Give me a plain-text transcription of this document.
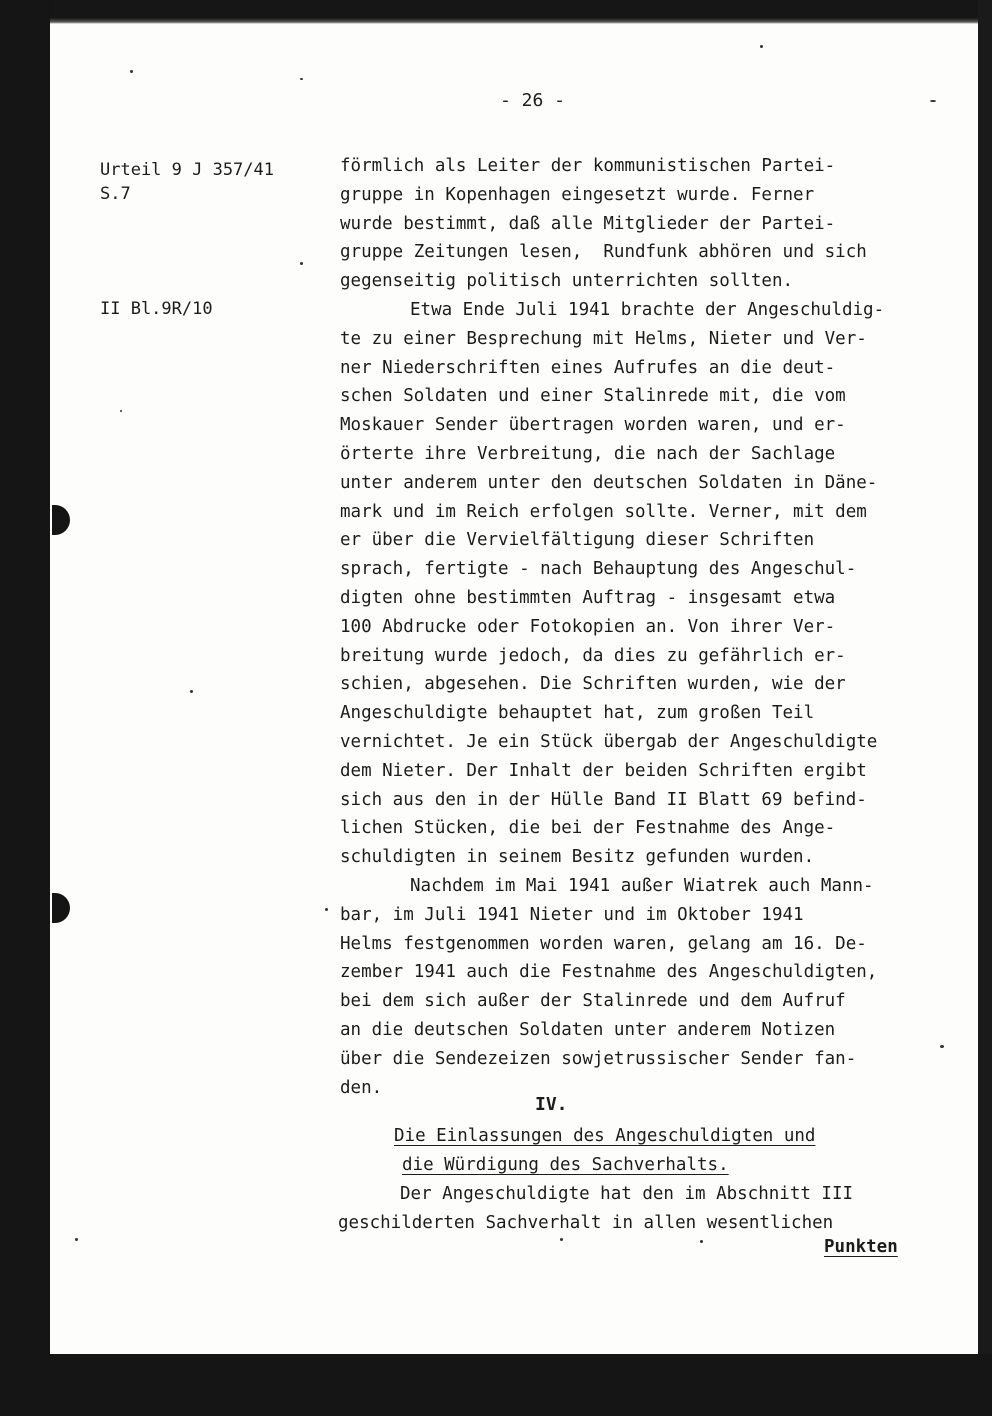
- 26 -
Urteil 9 J 357/41
S.7
II Bl.9R/10
förmlich als Leiter der kommunistischen Partei-
gruppe in Kopenhagen eingesetzt wurde. Ferner
wurde bestimmt, daß alle Mitglieder der Partei-
gruppe Zeitungen lesen,  Rundfunk abhören und sich
gegenseitig politisch unterrichten sollten.
Etwa Ende Juli 1941 brachte der Angeschuldig-
te zu einer Besprechung mit Helms, Nieter und Ver-
ner Niederschriften eines Aufrufes an die deut-
schen Soldaten und einer Stalinrede mit, die vom
Moskauer Sender übertragen worden waren, und er-
örterte ihre Verbreitung, die nach der Sachlage
unter anderem unter den deutschen Soldaten in Däne-
mark und im Reich erfolgen sollte. Verner, mit dem
er über die Vervielfältigung dieser Schriften
sprach, fertigte - nach Behauptung des Angeschul-
digten ohne bestimmten Auftrag - insgesamt etwa
100 Abdrucke oder Fotokopien an. Von ihrer Ver-
breitung wurde jedoch, da dies zu gefährlich er-
schien, abgesehen. Die Schriften wurden, wie der
Angeschuldigte behauptet hat, zum großen Teil
vernichtet. Je ein Stück übergab der Angeschuldigte
dem Nieter. Der Inhalt der beiden Schriften ergibt
sich aus den in der Hülle Band II Blatt 69 befind-
lichen Stücken, die bei der Festnahme des Ange-
schuldigten in seinem Besitz gefunden wurden.
Nachdem im Mai 1941 außer Wiatrek auch Mann-
bar, im Juli 1941 Nieter und im Oktober 1941
Helms festgenommen worden waren, gelang am 16. De-
zember 1941 auch die Festnahme des Angeschuldigten,
bei dem sich außer der Stalinrede und dem Aufruf
an die deutschen Soldaten unter anderem Notizen
über die Sendezeizen sowjetrussischer Sender fan-
den.
IV.
Die Einlassungen des Angeschuldigten und
die Würdigung des Sachverhalts.
Der Angeschuldigte hat den im Abschnitt III
geschilderten Sachverhalt in allen wesentlichen
Punkten
